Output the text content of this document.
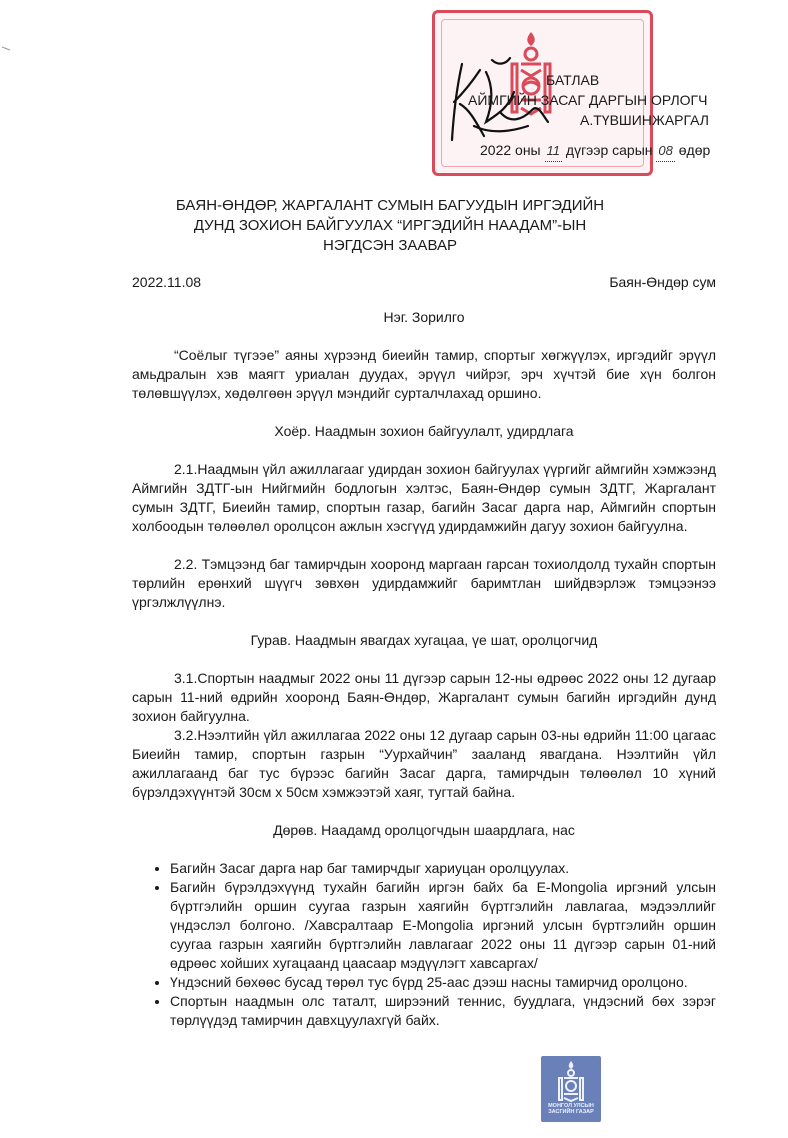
БАТЛАВ
АЙМГИЙН ЗАСАГ ДАРГЫН ОРЛОГЧ
А.ТҮВШИНЖАРГАЛ
2022 оны 11 дүгээр сарын 08 өдөр
БАЯН-ӨНДӨР, ЖАРГАЛАНТ СУМЫН БАГУУДЫН ИРГЭДИЙН
ДУНД ЗОХИОН БАЙГУУЛАХ “ИРГЭДИЙН НААДАМ”-ЫН
НЭГДСЭН ЗААВАР
2022.11.08	Баян-Өндөр сум

Нэг. Зорилго

“Соёлыг түгээе” аяны хүрээнд биеийн тамир, спортыг хөгжүүлэх, иргэдийг эрүүл амьдралын хэв маягт уриалан дуудах, эрүүл чийрэг, эрч хүчтэй бие хүн болгон төлөвшүүлэх, хөдөлгөөн эрүүл мэндийг сурталчлахад оршино.

Хоёр. Наадмын зохион байгуулалт, удирдлага

2.1.Наадмын үйл ажиллагааг удирдан зохион байгуулах үүргийг аймгийн хэмжээнд Аймгийн ЗДТГ-ын Нийгмийн бодлогын хэлтэс, Баян-Өндөр сумын ЗДТГ, Жаргалант сумын ЗДТГ, Биеийн тамир, спортын газар, багийн Засаг дарга нар, Аймгийн спортын холбоодын төлөөлөл оролцсон ажлын хэсгүүд удирдамжийн дагуу зохион байгуулна.

2.2. Тэмцээнд баг тамирчдын хооронд маргаан гарсан тохиолдолд тухайн спортын төрлийн ерөнхий шүүгч зөвхөн удирдамжийг баримтлан шийдвэрлэж тэмцээнээ үргэлжлүүлнэ.

Гурав. Наадмын явагдах хугацаа, үе шат, оролцогчид

3.1.Спортын наадмыг 2022 оны 11 дүгээр сарын 12-ны өдрөөс 2022 оны 12 дугаар сарын 11-ний өдрийн хооронд Баян-Өндөр, Жаргалант сумын багийн иргэдийн дунд зохион байгуулна.

3.2.Нээлтийн үйл ажиллагаа 2022 оны 12 дугаар сарын 03-ны өдрийн 11:00 цагаас Биеийн тамир, спортын газрын “Уурхайчин” зааланд явагдана. Нээлтийн үйл ажиллагаанд баг тус бүрээс багийн Засаг дарга, тамирчдын төлөөлөл 10 хүний бүрэлдэхүүнтэй 30см х 50см хэмжээтэй хаяг, тугтай байна.

Дөрөв. Наадамд оролцогчдын шаардлага, нас

• Багийн Засаг дарга нар баг тамирчдыг хариуцан оролцуулах.
• Багийн бүрэлдэхүүнд тухайн багийн иргэн байх ба E-Mongolia иргэний улсын бүртгэлийн оршин суугаа газрын хаягийн бүртгэлийн лавлагаа, мэдээллийг үндэслэл болгоно. /Хавсралтаар E-Mongolia иргэний улсын бүртгэлийн оршин суугаа газрын хаягийн бүртгэлийн лавлагааг 2022 оны 11 дүгээр сарын 01-ний өдрөөс хойших хугацаанд цаасаар мэдүүлэгт хавсаргах/
• Үндэсний бөхөөс бусад төрөл тус бүрд 25-аас дээш насны тамирчид оролцоно.
• Спортын наадмын олс таталт, ширээний теннис, буудлага, үндэсний бөх зэрэг төрлүүдэд тамирчин давхцуулахгүй байх.
МОНГОЛ УЛСЫН
ЗАСГИЙН ГАЗАР
